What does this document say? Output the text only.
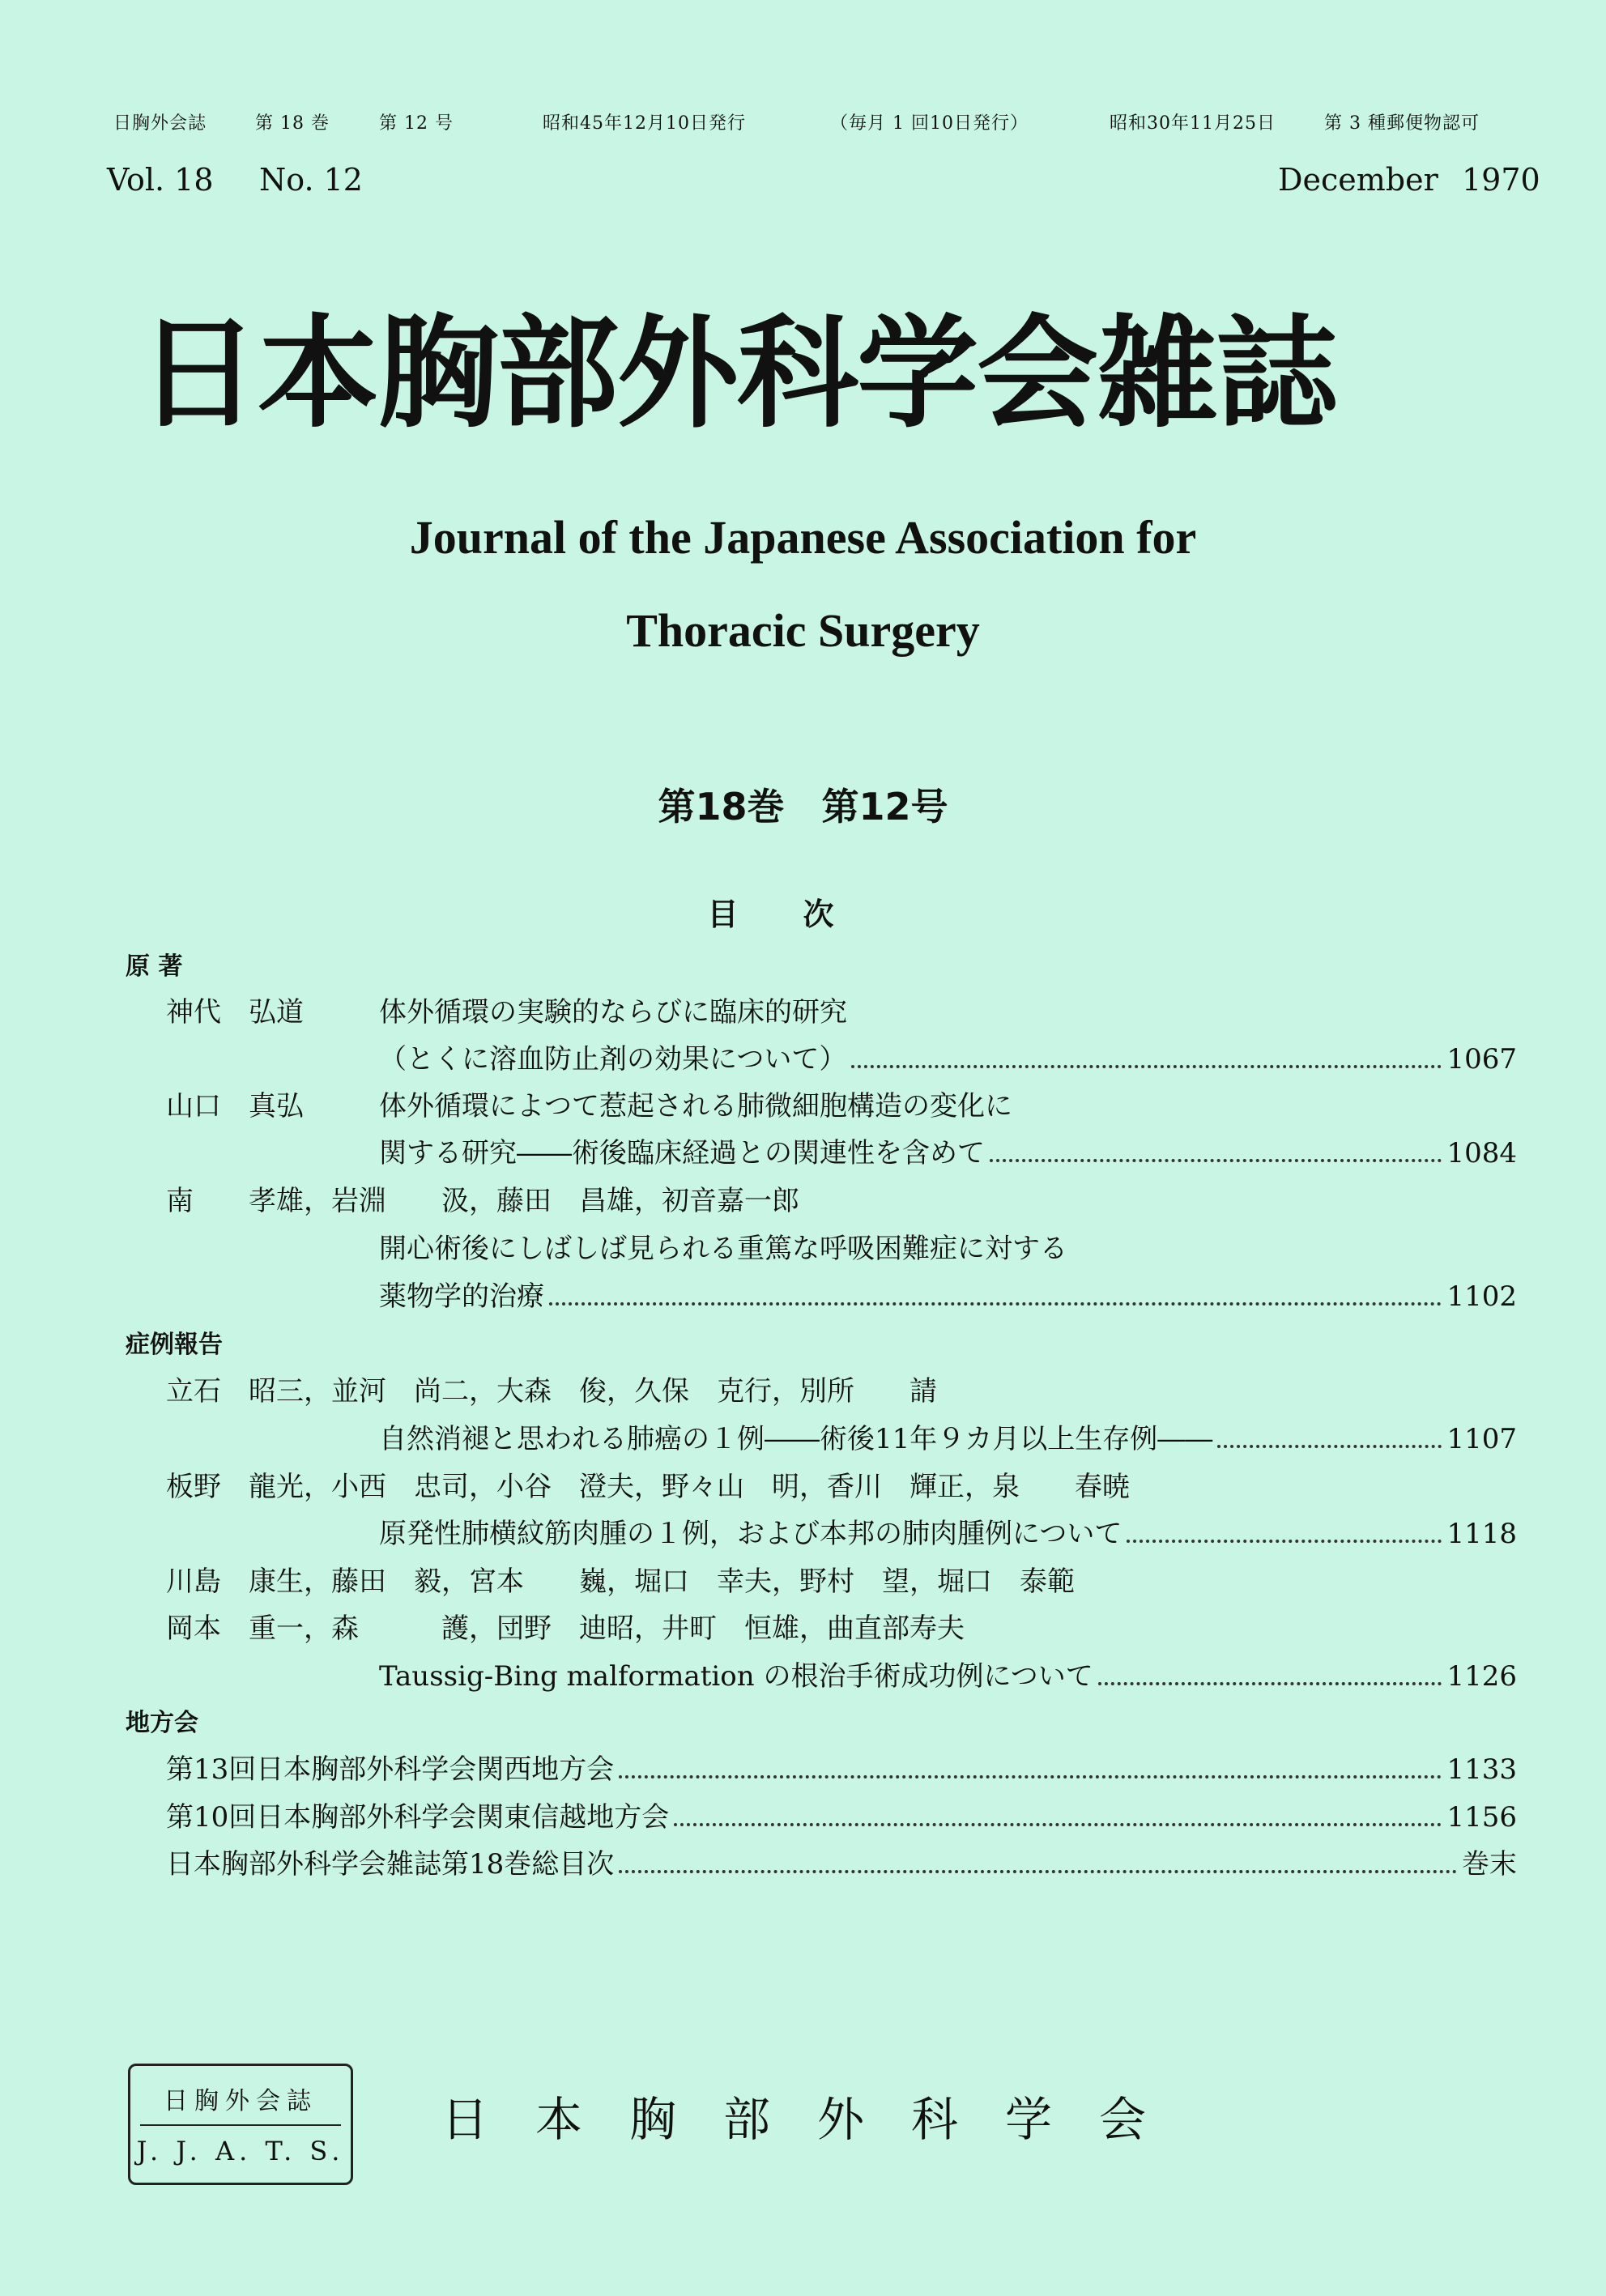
日胸外会誌	第 18 巻	第 12 号	昭和45年12月10日発行	（毎月 1 回10日発行）	昭和30年11月25日	第 3 種郵便物認可
Vol. 18 No. 12	December 1970
日本胸部外科学会雑誌
Journal of the Japanese Association for
Thoracic Surgery
第18巻 第12号
目次
原 著
神代　弘道	体外循環の実験的ならびに臨床的研究
（とくに溶血防止剤の効果について）	1067
山口　真弘	体外循環によつて惹起される肺微細胞構造の変化に
関する研究――術後臨床経過との関連性を含めて	1084
南　　孝雄，岩淵　　汲，藤田　昌雄，初音嘉一郎
開心術後にしばしば見られる重篤な呼吸困難症に対する
薬物学的治療	1102
症例報告
立石　昭三，並河　尚二，大森　俊，久保　克行，別所　　請
自然消褪と思われる肺癌の１例――術後11年９カ月以上生存例――	1107
板野　龍光，小西　忠司，小谷　澄夫，野々山　明，香川　輝正，泉　　春暁
原発性肺横紋筋肉腫の１例，および本邦の肺肉腫例について	1118
川島　康生，藤田　毅，宮本　　巍，堀口　幸夫，野村　望，堀口　泰範
岡本　重一，森　　　護，団野　迪昭，井町　恒雄，曲直部寿夫
Taussig-Bing malformation の根治手術成功例について	1126
地方会
第13回日本胸部外科学会関西地方会	1133
第10回日本胸部外科学会関東信越地方会	1156
日本胸部外科学会雑誌第18巻総目次	巻末
日胸外会誌
J. J. A. T. S.
日本胸部外科学会
